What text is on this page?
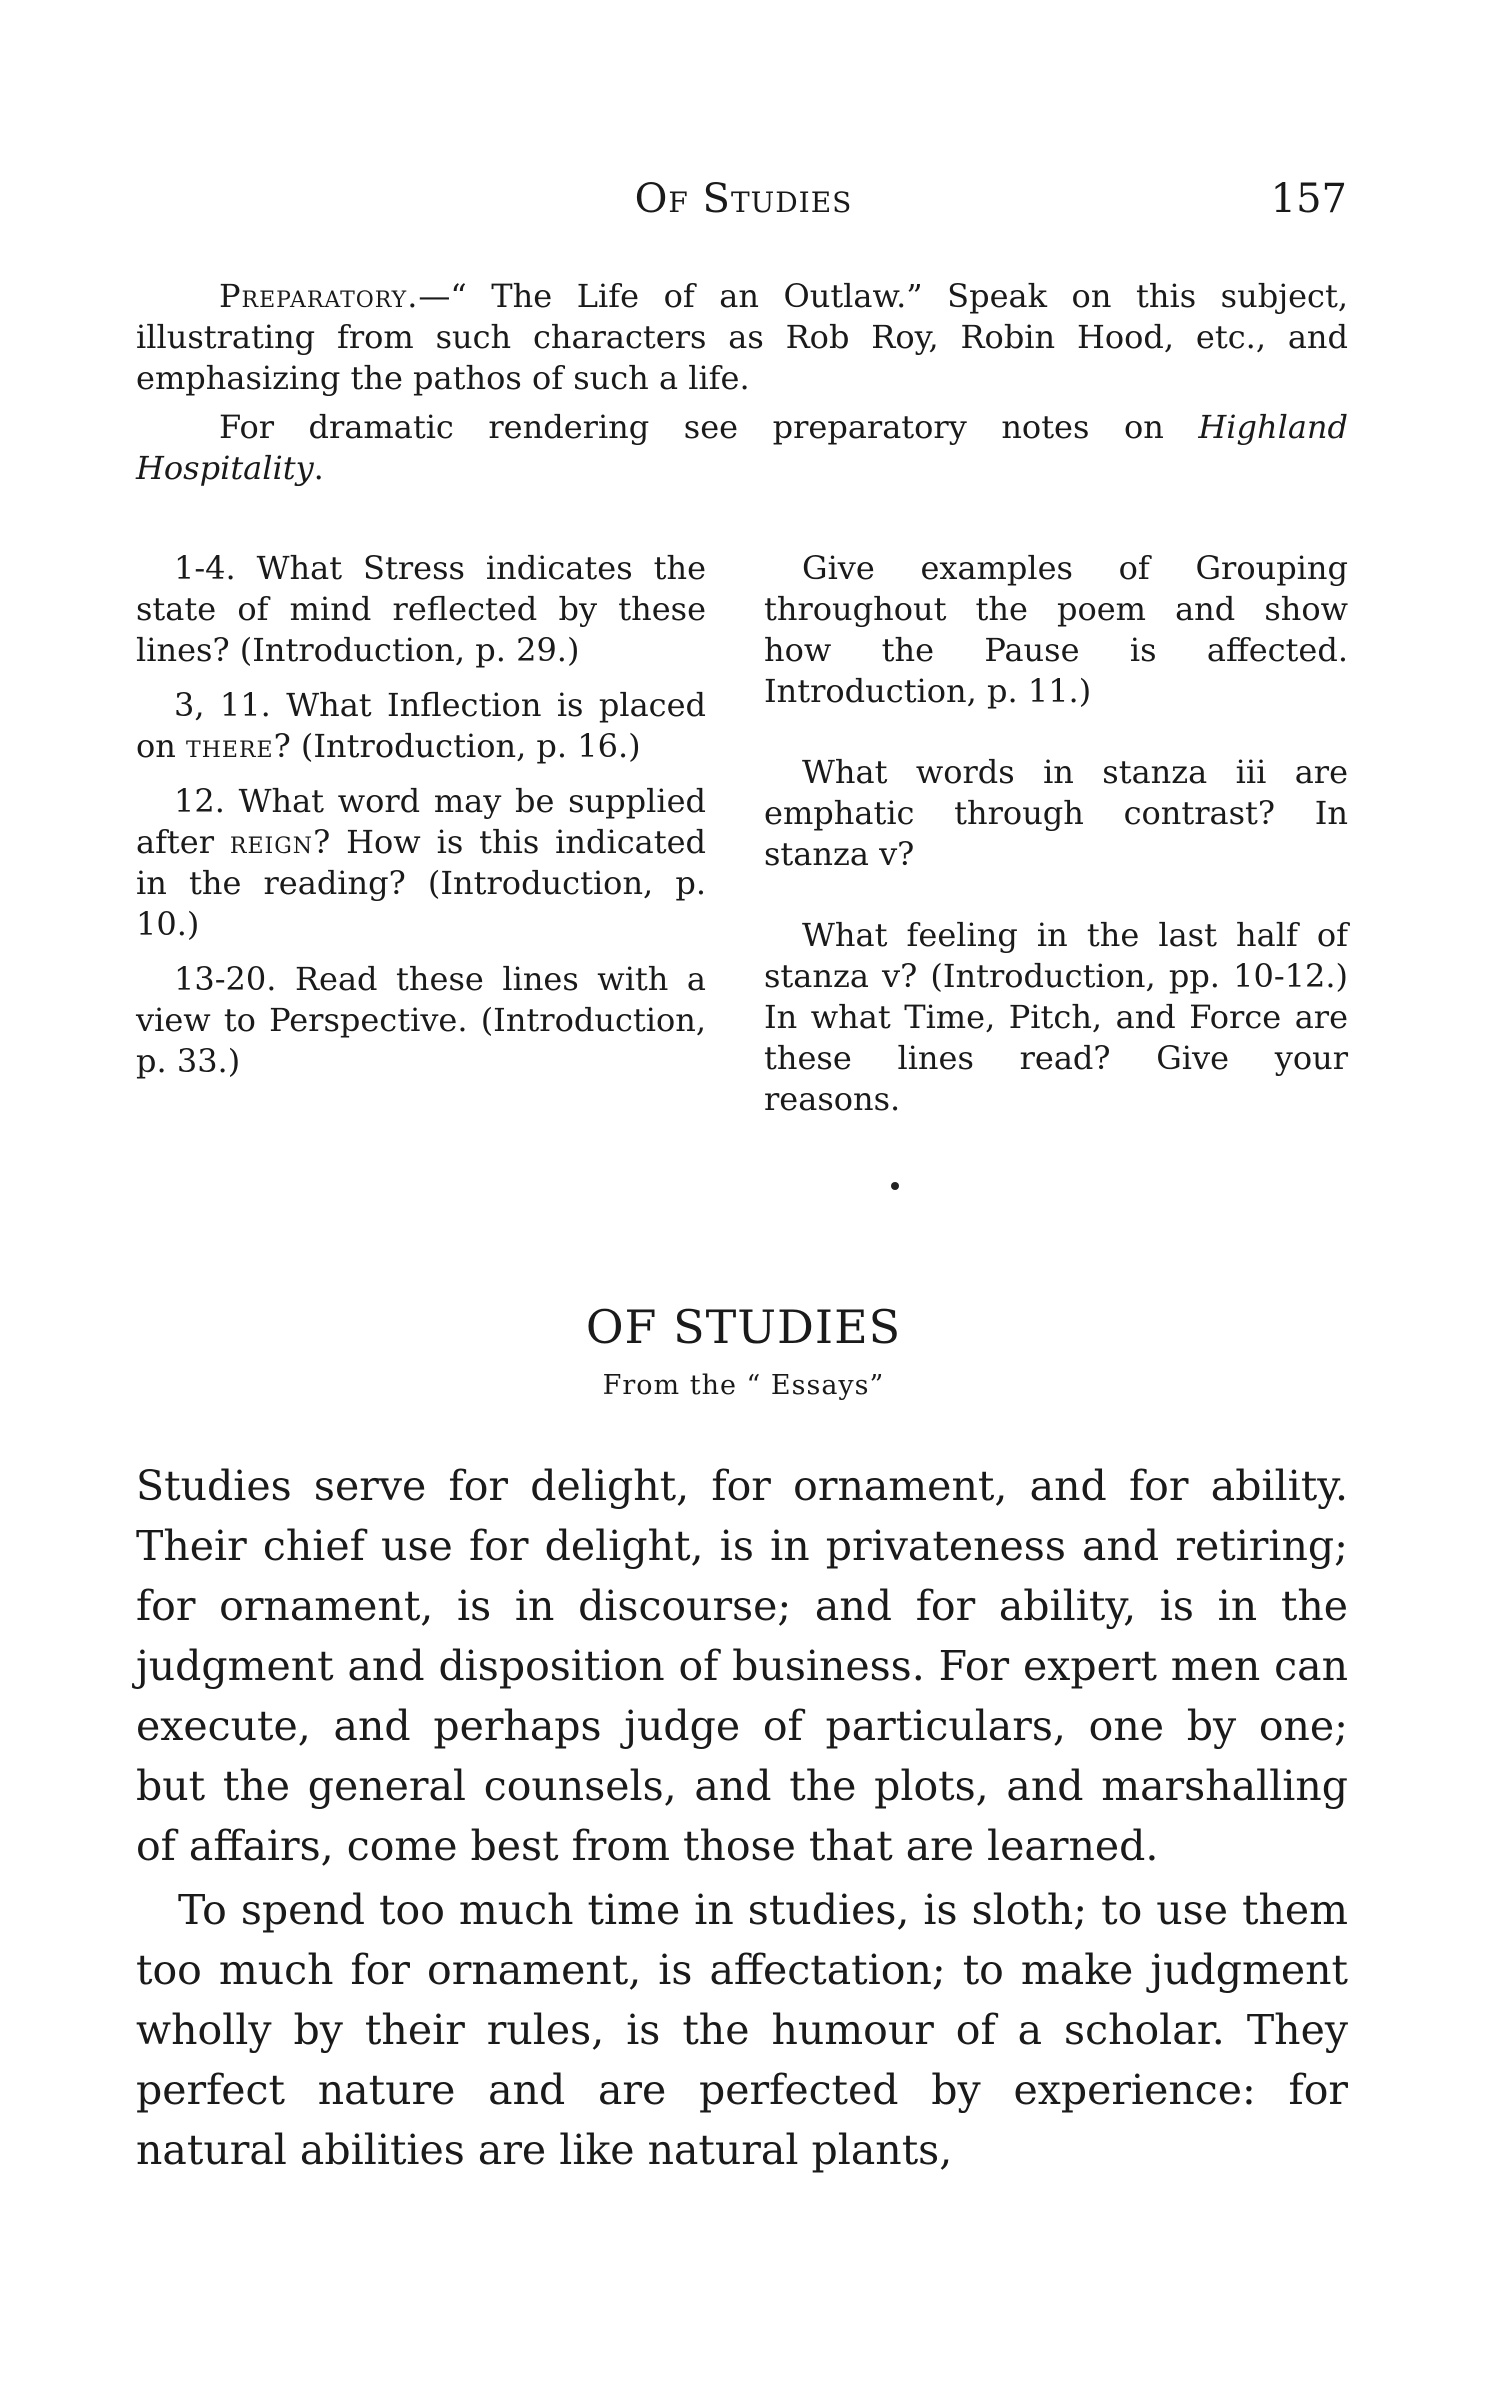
Of Studies	157

Preparatory.—“ The Life of an Outlaw.” Speak on this subject, illustrating from such characters as Rob Roy, Robin Hood, etc., and emphasizing the pathos of such a life.

For dramatic rendering see preparatory notes on Highland Hospitality.

1-4. What Stress indicates the state of mind reflected by these lines? (Introduction, p. 29.)

3, 11. What Inflection is placed on there? (Introduction, p. 16.)

12. What word may be supplied after reign? How is this indicated in the reading? (Introduction, p. 10.)

13-20. Read these lines with a view to Perspective. (Introduction, p. 33.)

Give examples of Grouping throughout the poem and show how the Pause is affected. Introduction, p. 11.)

What words in stanza iii are emphatic through contrast? In stanza v?

What feeling in the last half of stanza v? (Introduction, pp. 10-12.) In what Time, Pitch, and Force are these lines read? Give your reasons.

OF STUDIES
From the “ Essays”

Studies serve for delight, for ornament, and for ability. Their chief use for delight, is in privateness and retiring; for ornament, is in discourse; and for ability, is in the judgment and disposition of business. For expert men can execute, and perhaps judge of particulars, one by one; but the general counsels, and the plots, and marshalling of affairs, come best from those that are learned.

To spend too much time in studies, is sloth; to use them too much for ornament, is affectation; to make judgment wholly by their rules, is the humour of a scholar. They perfect nature and are perfected by experience: for natural abilities are like natural plants,
